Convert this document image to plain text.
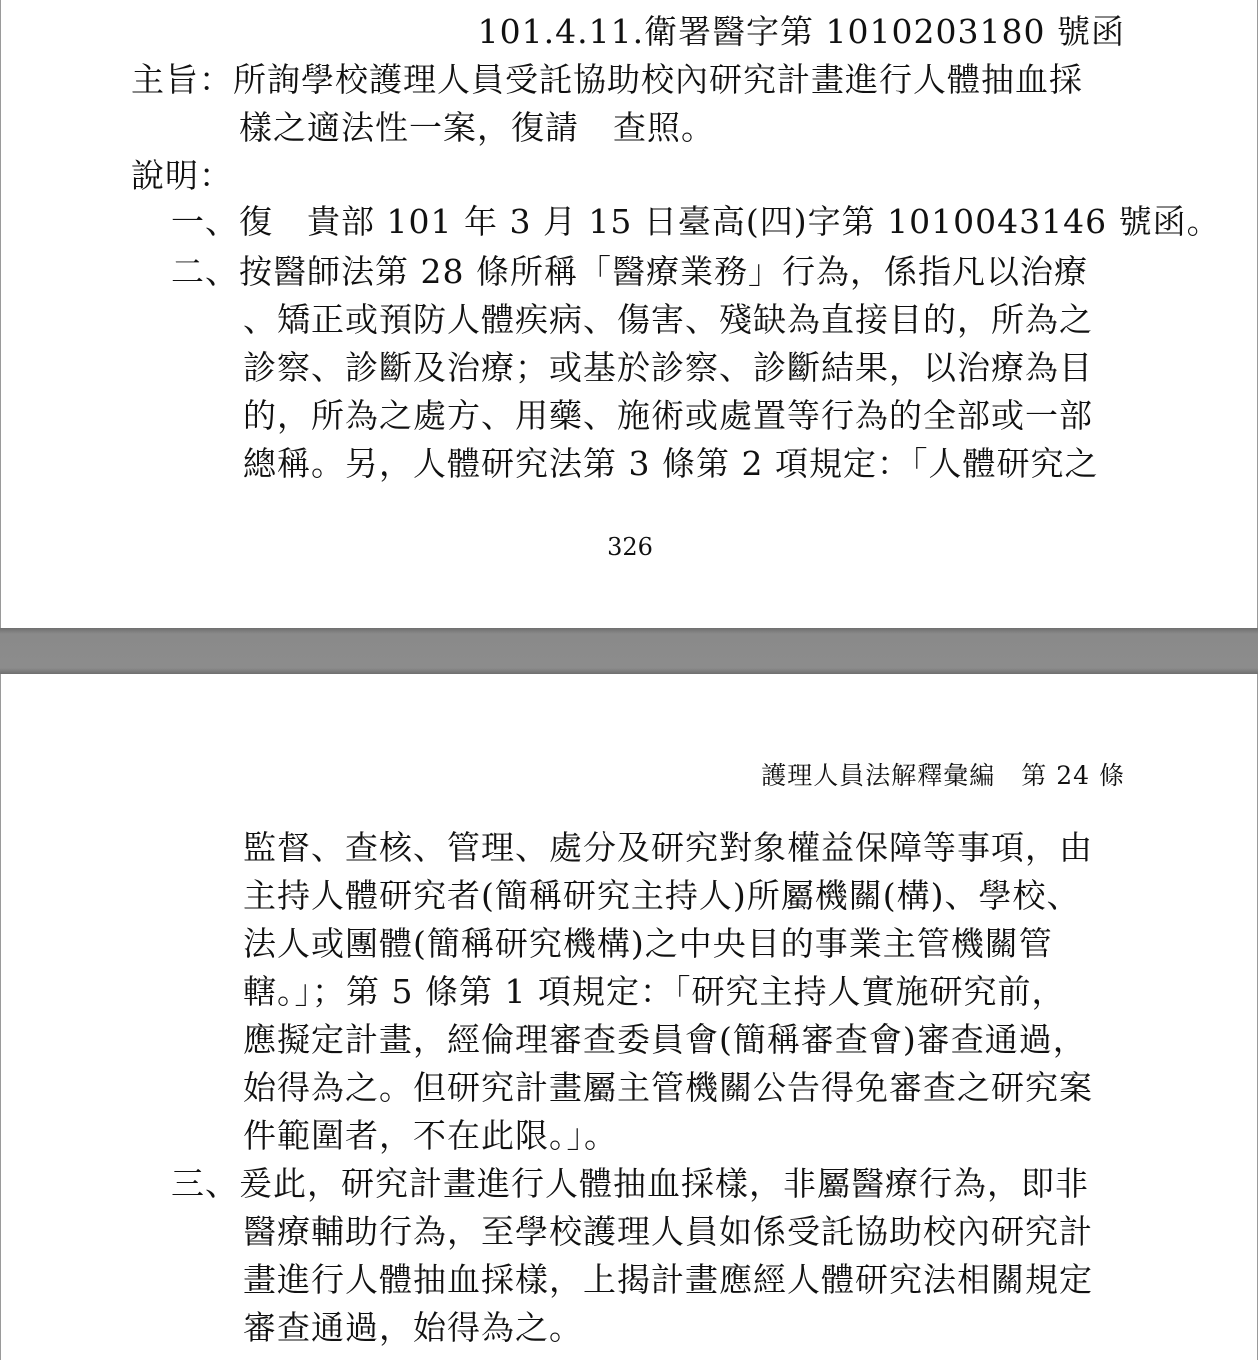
101.4.11.衛署醫字第 1010203180 號函
主旨：所詢學校護理人員受託協助校內研究計畫進行人體抽血採
樣之適法性一案，復請　查照。
說明：
一、復　貴部 101 年 3 月 15 日臺高(四)字第 1010043146 號函。
二、按醫師法第 28 條所稱「醫療業務」行為，係指凡以治療
、矯正或預防人體疾病、傷害、殘缺為直接目的，所為之
診察、診斷及治療；或基於診察、診斷結果，以治療為目
的，所為之處方、用藥、施術或處置等行為的全部或一部
總稱。另，人體研究法第 3 條第 2 項規定：「人體研究之
326
護理人員法解釋彙編　第 24 條
監督、查核、管理、處分及研究對象權益保障等事項，由
主持人體研究者(簡稱研究主持人)所屬機關(構)、學校、
法人或團體(簡稱研究機構)之中央目的事業主管機關管
轄。」；第 5 條第 1 項規定：「研究主持人實施研究前，
應擬定計畫，經倫理審查委員會(簡稱審查會)審查通過，
始得為之。但研究計畫屬主管機關公告得免審查之研究案
件範圍者，不在此限。」。
三、爰此，研究計畫進行人體抽血採樣，非屬醫療行為，即非
醫療輔助行為，至學校護理人員如係受託協助校內研究計
畫進行人體抽血採樣，上揭計畫應經人體研究法相關規定
審查通過，始得為之。
